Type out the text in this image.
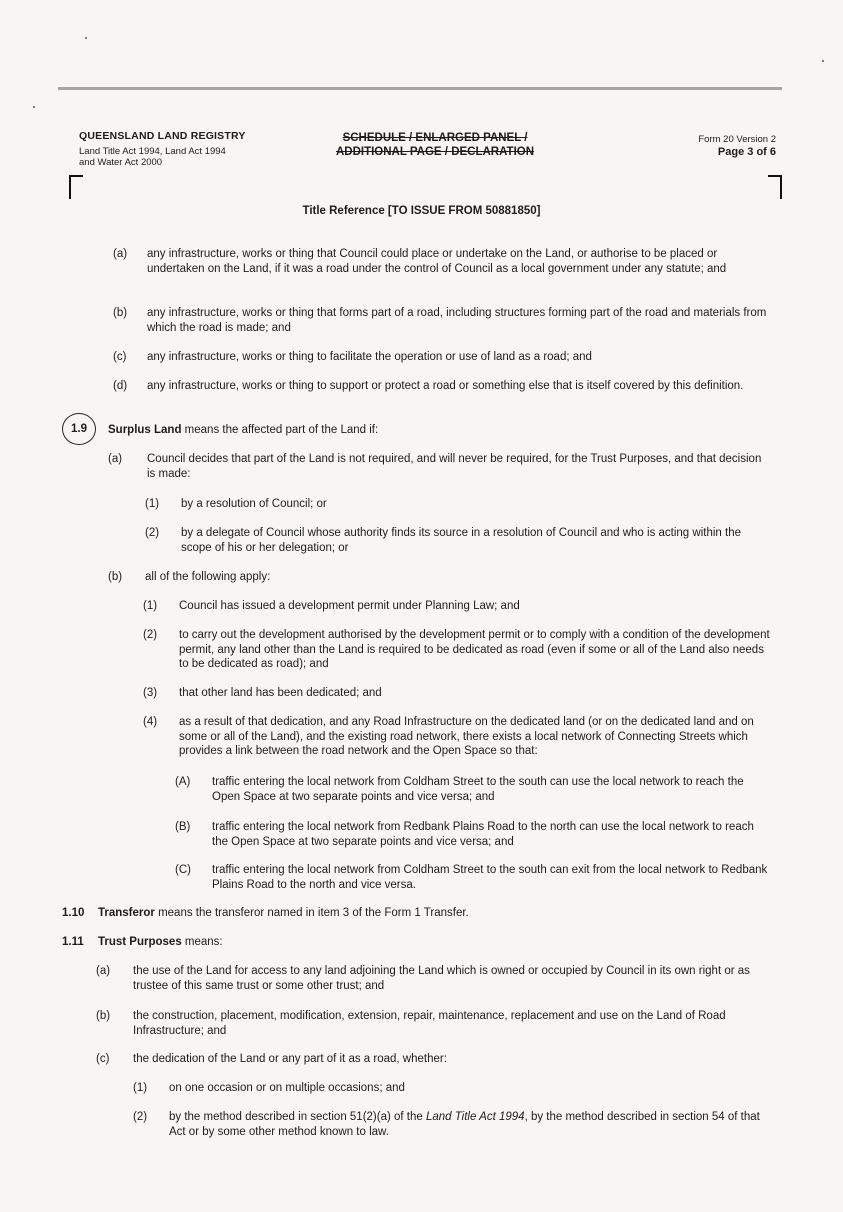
QUEENSLAND LAND REGISTRY
Land Title Act 1994, Land Act 1994
and Water Act 2000
SCHEDULE / ENLARGED PANEL /
ADDITIONAL PAGE / DECLARATION
Form 20 Version 2
Page 3 of 6
Title Reference [TO ISSUE FROM 50881850]
(a) any infrastructure, works or thing that Council could place or undertake on the Land, or authorise to be placed or undertaken on the Land, if it was a road under the control of Council as a local government under any statute; and
(b) any infrastructure, works or thing that forms part of a road, including structures forming part of the road and materials from which the road is made; and
(c) any infrastructure, works or thing to facilitate the operation or use of land as a road; and
(d) any infrastructure, works or thing to support or protect a road or something else that is itself covered by this definition.
1.9 Surplus Land means the affected part of the Land if:
(a) Council decides that part of the Land is not required, and will never be required, for the Trust Purposes, and that decision is made:
(1) by a resolution of Council; or
(2) by a delegate of Council whose authority finds its source in a resolution of Council and who is acting within the scope of his or her delegation; or
(b) all of the following apply:
(1) Council has issued a development permit under Planning Law; and
(2) to carry out the development authorised by the development permit or to comply with a condition of the development permit, any land other than the Land is required to be dedicated as road (even if some or all of the Land also needs to be dedicated as road); and
(3) that other land has been dedicated; and
(4) as a result of that dedication, and any Road Infrastructure on the dedicated land (or on the dedicated land and on some or all of the Land), and the existing road network, there exists a local network of Connecting Streets which provides a link between the road network and the Open Space so that:
(A) traffic entering the local network from Coldham Street to the south can use the local network to reach the Open Space at two separate points and vice versa; and
(B) traffic entering the local network from Redbank Plains Road to the north can use the local network to reach the Open Space at two separate points and vice versa; and
(C) traffic entering the local network from Coldham Street to the south can exit from the local network to Redbank Plains Road to the north and vice versa.
1.10 Transferor means the transferor named in item 3 of the Form 1 Transfer.
1.11 Trust Purposes means:
(a) the use of the Land for access to any land adjoining the Land which is owned or occupied by Council in its own right or as trustee of this same trust or some other trust; and
(b) the construction, placement, modification, extension, repair, maintenance, replacement and use on the Land of Road Infrastructure; and
(c) the dedication of the Land or any part of it as a road, whether:
(1) on one occasion or on multiple occasions; and
(2) by the method described in section 51(2)(a) of the Land Title Act 1994, by the method described in section 54 of that Act or by some other method known to law.
